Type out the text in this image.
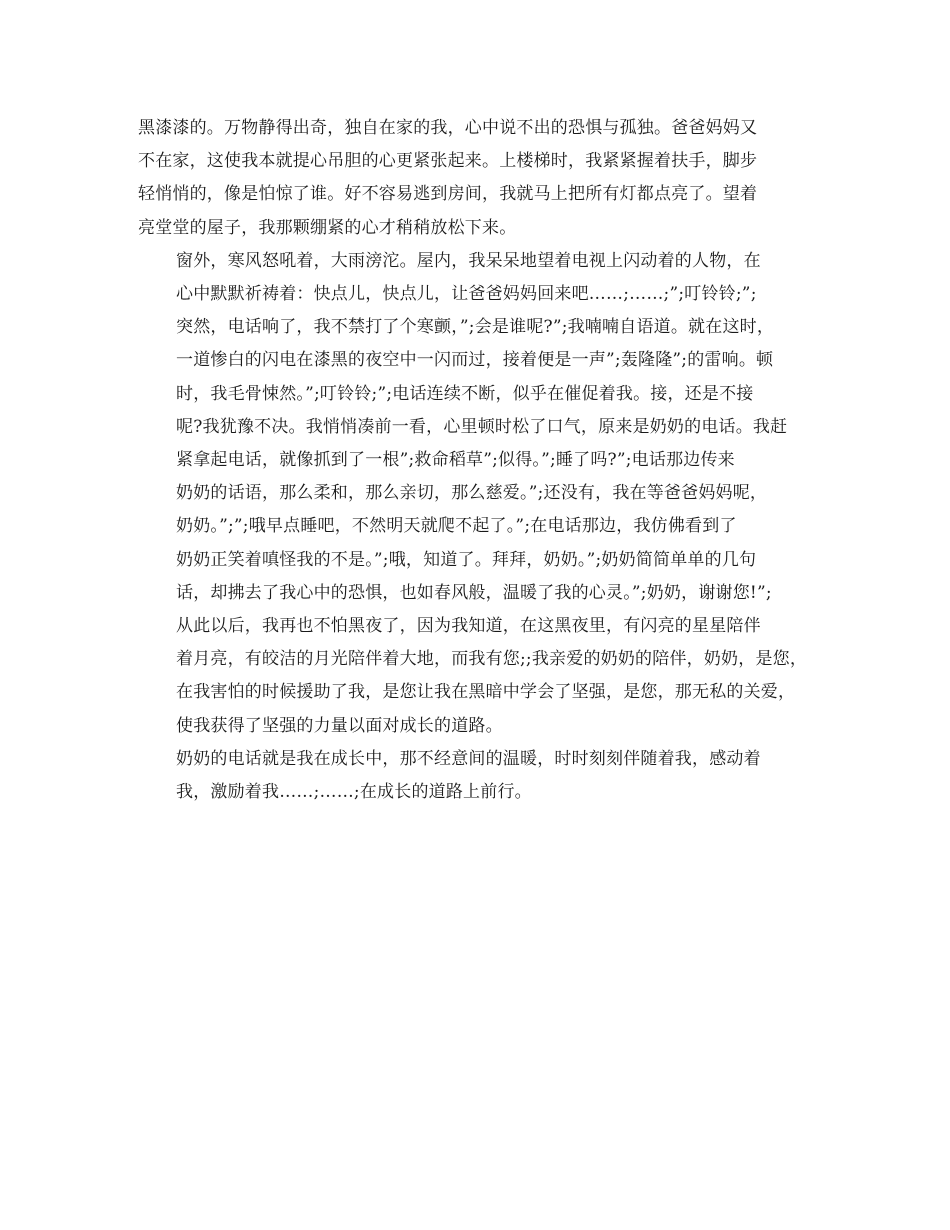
黑漆漆的。万物静得出奇，独自在家的我，心中说不出的恐惧与孤独。爸爸妈妈又
不在家，这使我本就提心吊胆的心更紧张起来。上楼梯时，我紧紧握着扶手，脚步
轻悄悄的，像是怕惊了谁。好不容易逃到房间，我就马上把所有灯都点亮了。望着
亮堂堂的屋子，我那颗绷紧的心才稍稍放松下来。
窗外，寒风怒吼着，大雨滂沱。屋内，我呆呆地望着电视上闪动着的人物，在
心中默默祈祷着：快点儿，快点儿，让爸爸妈妈回来吧……;……;”;叮铃铃;”;
突然，电话响了，我不禁打了个寒颤，”;会是谁呢?”;我喃喃自语道。就在这时，
一道惨白的闪电在漆黑的夜空中一闪而过，接着便是一声”;轰隆隆”;的雷响。顿
时，我毛骨悚然。”;叮铃铃;”;电话连续不断，似乎在催促着我。接，还是不接
呢?我犹豫不决。我悄悄凑前一看，心里顿时松了口气，原来是奶奶的电话。我赶
紧拿起电话，就像抓到了一根”;救命稻草”;似得。”;睡了吗?”;电话那边传来
奶奶的话语，那么柔和，那么亲切，那么慈爱。”;还没有，我在等爸爸妈妈呢，
奶奶。”;”;哦早点睡吧，不然明天就爬不起了。”;在电话那边，我仿佛看到了
奶奶正笑着嗔怪我的不是。”;哦，知道了。拜拜，奶奶。”;奶奶简简单单的几句
话，却拂去了我心中的恐惧，也如春风般，温暖了我的心灵。”;奶奶，谢谢您!”;
从此以后，我再也不怕黑夜了，因为我知道，在这黑夜里，有闪亮的星星陪伴
着月亮，有皎洁的月光陪伴着大地，而我有您;;我亲爱的奶奶的陪伴，奶奶，是您，
在我害怕的时候援助了我，是您让我在黑暗中学会了坚强，是您，那无私的关爱，
使我获得了坚强的力量以面对成长的道路。
奶奶的电话就是我在成长中，那不经意间的温暖，时时刻刻伴随着我，感动着
我，激励着我……;……;在成长的道路上前行。
